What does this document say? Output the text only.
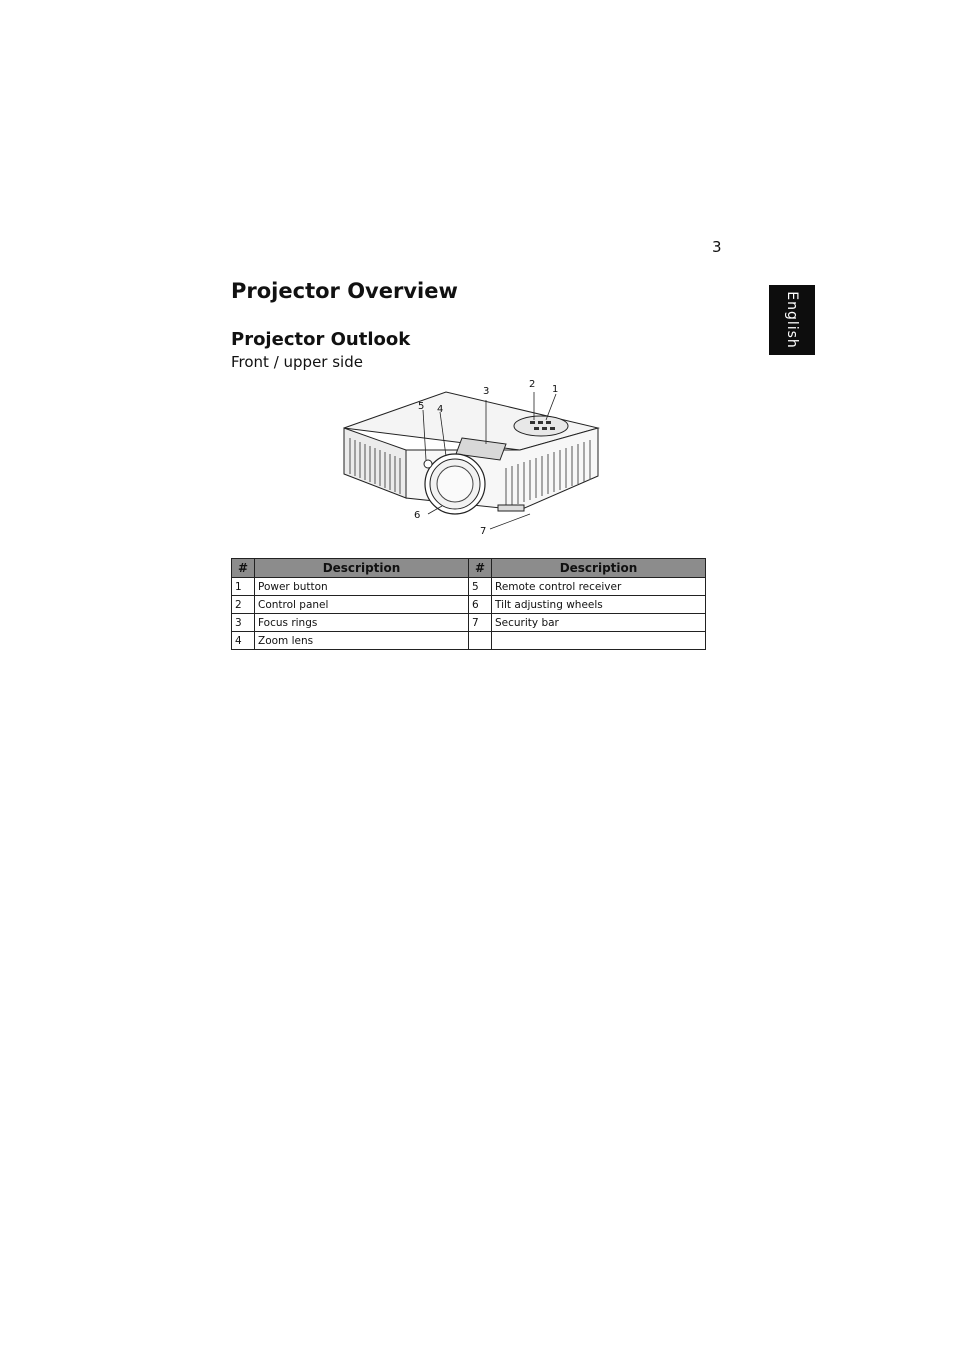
3
English
Projector Overview
Projector Outlook
Front / upper side
1
2
3
4
5
6
7
#	Description	#	Description
1	Power button	5	Remote control receiver
2	Control panel	6	Tilt adjusting wheels
3	Focus rings	7	Security bar
4	Zoom lens		
